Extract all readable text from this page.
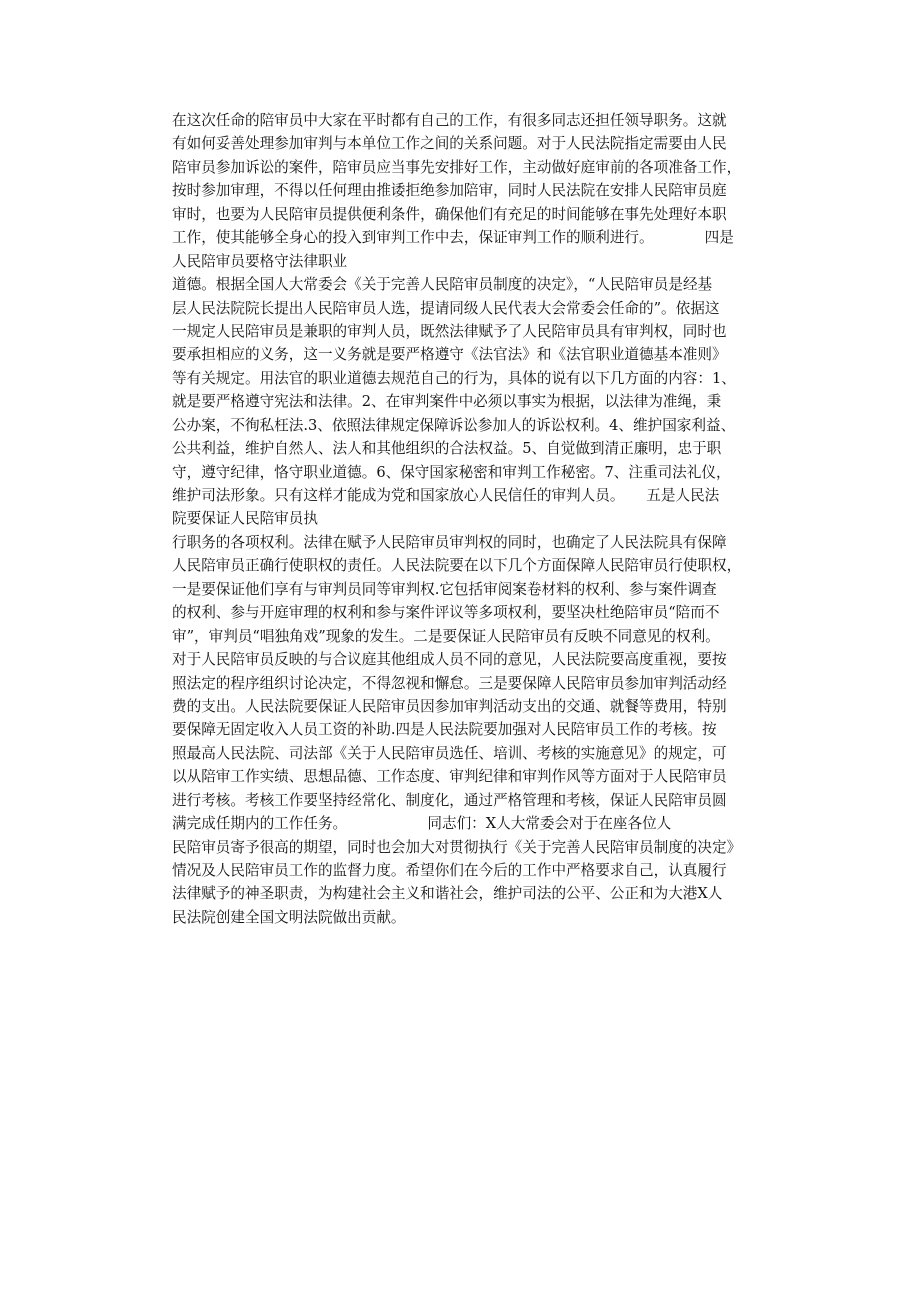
在这次任命的陪审员中大家在平时都有自己的工作，有很多同志还担任领导职务。这就
有如何妥善处理参加审判与本单位工作之间的关系问题。对于人民法院指定需要由人民
陪审员参加诉讼的案件，陪审员应当事先安排好工作，主动做好庭审前的各项准备工作，
按时参加审理，不得以任何理由推诿拒绝参加陪审，同时人民法院在安排人民陪审员庭
审时，也要为人民陪审员提供便利条件，确保他们有充足的时间能够在事先处理好本职
工作，使其能够全身心的投入到审判工作中去，保证审判工作的顺利进行。　　　　四是
人民陪审员要格守法律职业
道德。根据全国人大常委会《关于完善人民陪审员制度的决定》，“人民陪审员是经基
层人民法院院长提出人民陪审员人选，提请同级人民代表大会常委会任命的”。依据这
一规定人民陪审员是兼职的审判人员，既然法律赋予了人民陪审员具有审判权，同时也
要承担相应的义务，这一义务就是要严格遵守《法官法》和《法官职业道德基本准则》
等有关规定。用法官的职业道德去规范自己的行为，具体的说有以下几方面的内容：1、
就是要严格遵守宪法和法律。2、在审判案件中必须以事实为根据，以法律为准绳，秉
公办案，不徇私枉法.3、依照法律规定保障诉讼参加人的诉讼权利。4、维护国家利益、
公共利益，维护自然人、法人和其他组织的合法权益。5、自觉做到清正廉明，忠于职
守，遵守纪律，恪守职业道德。6、保守国家秘密和审判工作秘密。7、注重司法礼仪，
维护司法形象。只有这样才能成为党和国家放心人民信任的审判人员。　　五是人民法
院要保证人民陪审员执
行职务的各项权利。法律在赋予人民陪审员审判权的同时，也确定了人民法院具有保障
人民陪审员正确行使职权的责任。人民法院要在以下几个方面保障人民陪审员行使职权，
一是要保证他们享有与审判员同等审判权.它包括审阅案卷材料的权利、参与案件调查
的权利、参与开庭审理的权利和参与案件评议等多项权利，要坚决杜绝陪审员“陪而不
审”，审判员“唱独角戏”现象的发生。二是要保证人民陪审员有反映不同意见的权利。
对于人民陪审员反映的与合议庭其他组成人员不同的意见，人民法院要高度重视，要按
照法定的程序组织讨论决定，不得忽视和懈怠。三是要保障人民陪审员参加审判活动经
费的支出。人民法院要保证人民陪审员因参加审判活动支出的交通、就餐等费用，特别
要保障无固定收入人员工资的补助.四是人民法院要加强对人民陪审员工作的考核。按
照最高人民法院、司法部《关于人民陪审员选任、培训、考核的实施意见》的规定，可
以从陪审工作实绩、思想品德、工作态度、审判纪律和审判作风等方面对于人民陪审员
进行考核。考核工作要坚持经常化、制度化，通过严格管理和考核，保证人民陪审员圆
满完成任期内的工作任务。　　　　　　同志们：X人大常委会对于在座各位人
民陪审员寄予很高的期望，同时也会加大对贯彻执行《关于完善人民陪审员制度的决定》
情况及人民陪审员工作的监督力度。希望你们在今后的工作中严格要求自己，认真履行
法律赋予的神圣职责，为构建社会主义和谐社会，维护司法的公平、公正和为大港X人
民法院创建全国文明法院做出贡献。
